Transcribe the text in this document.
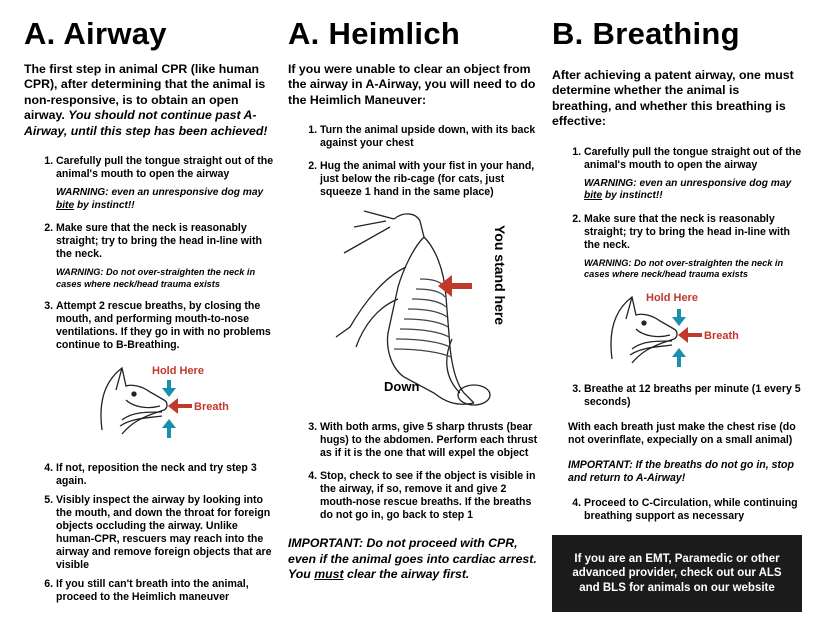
A. Airway

The first step in animal CPR (like human CPR), after determining that the animal is non-responsive, is to obtain an open airway. You should not continue past A-Airway, until this step has been achieved!

1. Carefully pull the tongue straight out of the animal's mouth to open the airway
WARNING: even an unresponsive dog may bite by instinct!!
2. Make sure that the neck is reasonably straight; try to bring the head in-line with the neck.
WARNING: Do not over-straighten the neck in cases where neck/head trauma exists
3. Attempt 2 rescue breaths, by closing the mouth, and performing mouth-to-nose ventilations. If they go in with no problems continue to B-Breathing.
Hold Here
Breath
4. If not, reposition the neck and try step 3 again.
5. Visibly inspect the airway by looking into the mouth, and down the throat for foreign objects occluding the airway. Unlike human-CPR, rescuers may reach into the airway and remove foreign objects that are visible
6. If you still can't breath into the animal, proceed to the Heimlich maneuver
A. Heimlich

If you were unable to clear an object from the airway in A-Airway, you will need to do the Heimlich Maneuver:

1. Turn the animal upside down, with its back against your chest
2. Hug the animal with your fist in your hand, just below the rib-cage (for cats, just squeeze 1 hand in the same place)
You stand here
Down
3. With both arms, give 5 sharp thrusts (bear hugs) to the abdomen. Perform each thrust as if it is the one that will expel the object
4. Stop, check to see if the object is visible in the airway, if so, remove it and give 2 mouth-nose rescue breaths. If the breaths do not go in, go back to step 1

IMPORTANT: Do not proceed with CPR, even if the animal goes into cardiac arrest. You must clear the airway first.

B. Breathing

After achieving a patent airway, one must determine whether the animal is breathing, and whether this breathing is effective:

1. Carefully pull the tongue straight out of the animal's mouth to open the airway
WARNING: even an unresponsive dog may bite by instinct!!
2. Make sure that the neck is reasonably straight; try to bring the head in-line with the neck.
WARNING: Do not over-straighten the neck in cases where neck/head trauma exists
Hold Here
Breath
3. Breathe at 12 breaths per minute (1 every 5 seconds)

With each breath just make the chest rise (do not overinflate, expecially on a small animal)

IMPORTANT: If the breaths do not go in, stop and return to A-Airway!

4. Proceed to C-Circulation, while continuing breathing support as necessary
If you are an EMT, Paramedic or other advanced provider, check out our ALS and BLS for animals on our website
